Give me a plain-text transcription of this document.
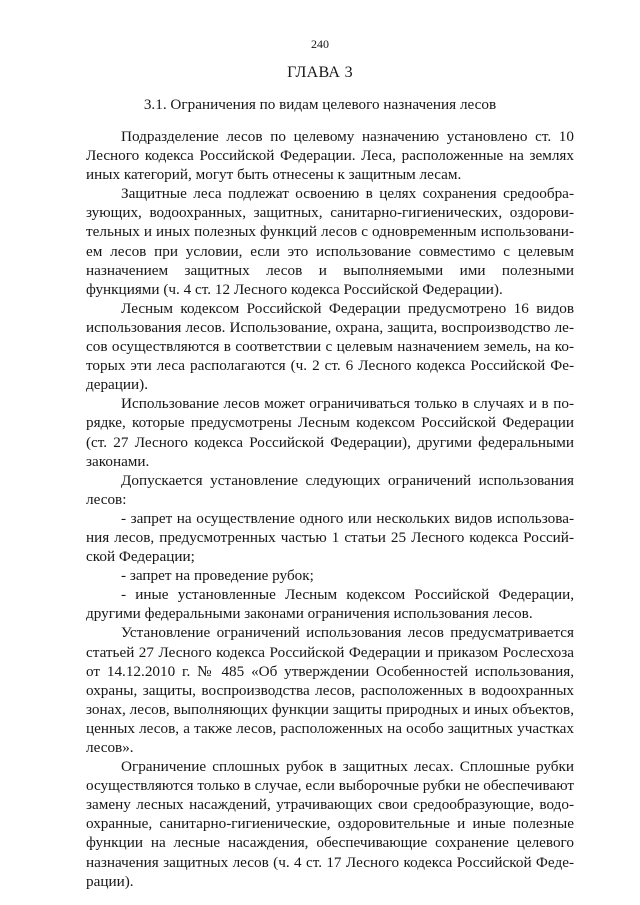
240
ГЛАВА 3
3.1. Ограничения по видам целевого назначения лесов

Подразделение лесов по целевому назначению установлено ст. 10 Лесного кодекса Российской Федерации. Леса, расположенные на землях иных категорий, могут быть отнесены к защитным лесам.

Защитные леса подлежат освоению в целях сохранения средообразующих, водоохранных, защитных, санитарно-гигиенических, оздоровительных и иных полезных функций лесов с одновременным использованием лесов при условии, если это использование совместимо с целевым назначением защитных лесов и выполняемыми ими полезными функциями (ч. 4 ст. 12 Лесного кодекса Российской Федерации).

Лесным кодексом Российской Федерации предусмотрено 16 видов использования лесов. Использование, охрана, защита, воспроизводство лесов осуществляются в соответствии с целевым назначением земель, на которых эти леса располагаются (ч. 2 ст. 6 Лесного кодекса Российской Федерации).

Использование лесов может ограничиваться только в случаях и в порядке, которые предусмотрены Лесным кодексом Российской Федерации (ст. 27 Лесного кодекса Российской Федерации), другими федеральными законами.

Допускается установление следующих ограничений использования лесов:

- запрет на осуществление одного или нескольких видов использования лесов, предусмотренных частью 1 статьи 25 Лесного кодекса Российской Федерации;

- запрет на проведение рубок;

- иные установленные Лесным кодексом Российской Федерации, другими федеральными законами ограничения использования лесов.

Установление ограничений использования лесов предусматривается статьей 27 Лесного кодекса Российской Федерации и приказом Рослесхоза от 14.12.2010 г. № 485 «Об утверждении Особенностей использования, охраны, защиты, воспроизводства лесов, расположенных в водоохранных зонах, лесов, выполняющих функции защиты природных и иных объектов, ценных лесов, а также лесов, расположенных на особо защитных участках лесов».

Ограничение сплошных рубок в защитных лесах. Сплошные рубки осуществляются только в случае, если выборочные рубки не обеспечивают замену лесных насаждений, утрачивающих свои средообразующие, водоохранные, санитарно-гигиенические, оздоровительные и иные полезные функции на лесные насаждения, обеспечивающие сохранение целевого назначения защитных лесов (ч. 4 ст. 17 Лесного кодекса Российской Федерации).
